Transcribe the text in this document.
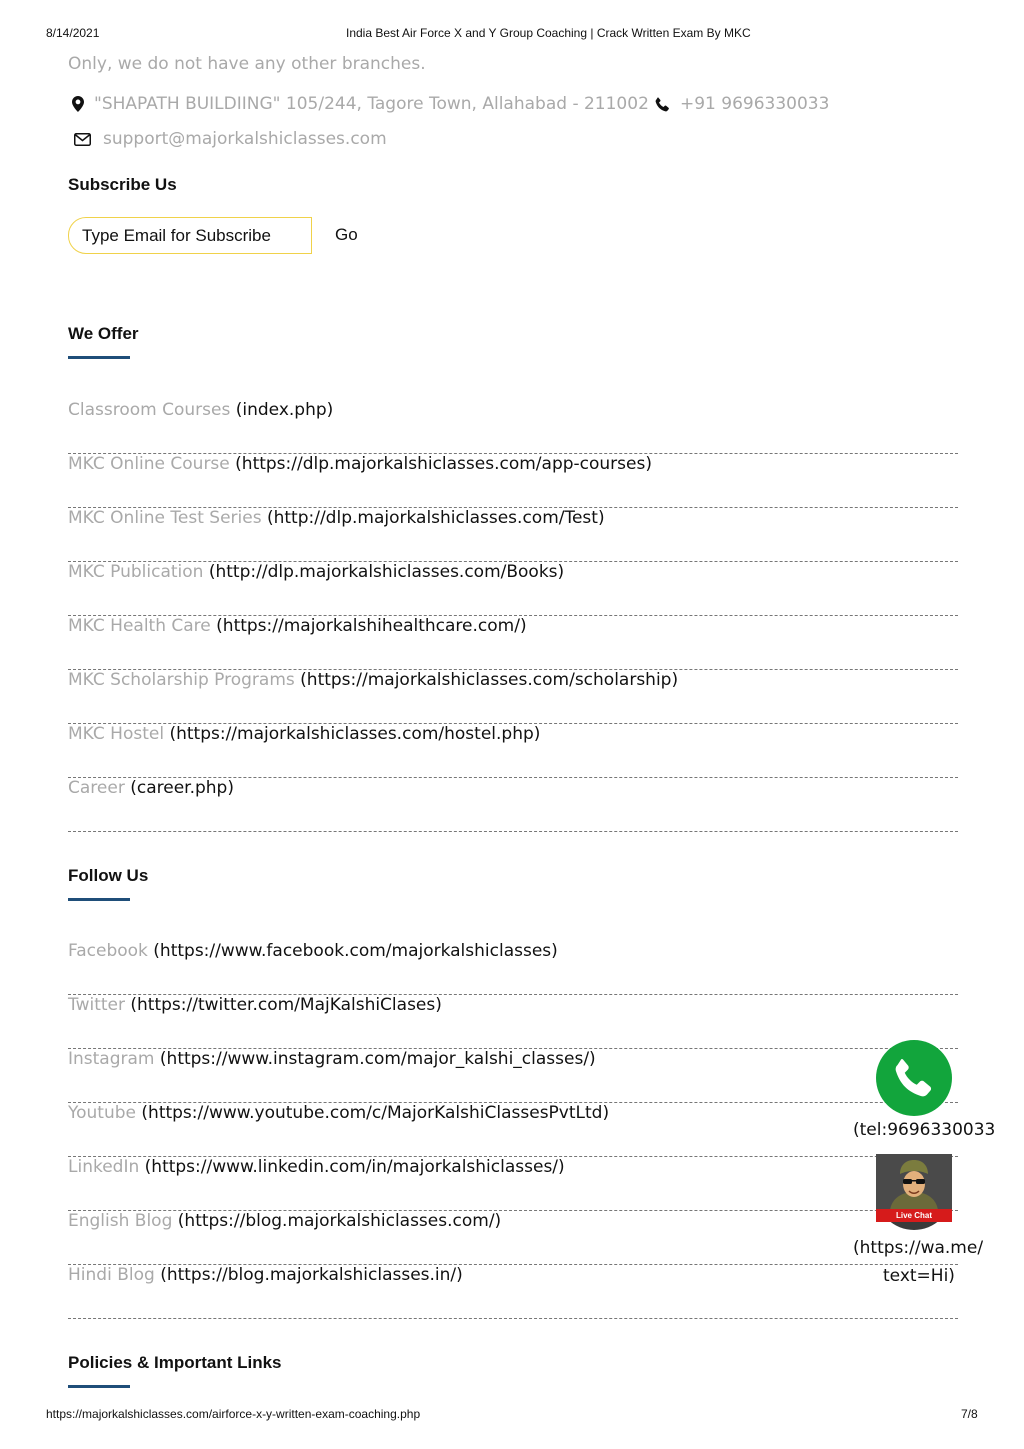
8/14/2021	India Best Air Force X and Y Group Coaching | Crack Written Exam By MKC
Only, we do not have any other branches.
"SHAPATH BUILDIING" 105/244, Tagore Town, Allahabad - 211002 +91 9696330033
support@majorkalshiclasses.com
Subscribe Us
Type Email for Subscribe
Go
We Offer
Classroom Courses (index.php)
MKC Online Course (https://dlp.majorkalshiclasses.com/app-courses)
MKC Online Test Series (http://dlp.majorkalshiclasses.com/Test)
MKC Publication (http://dlp.majorkalshiclasses.com/Books)
MKC Health Care (https://majorkalshihealthcare.com/)
MKC Scholarship Programs (https://majorkalshiclasses.com/scholarship)
MKC Hostel (https://majorkalshiclasses.com/hostel.php)
Career (career.php)
Follow Us
Facebook (https://www.facebook.com/majorkalshiclasses)
Twitter (https://twitter.com/MajKalshiClases)
Instagram (https://www.instagram.com/major_kalshi_classes/)
Youtube (https://www.youtube.com/c/MajorKalshiClassesPvtLtd)
LinkedIn (https://www.linkedin.com/in/majorkalshiclasses/)
English Blog (https://blog.majorkalshiclasses.com/)
Hindi Blog (https://blog.majorkalshiclasses.in/)
Policies & Important Links
(tel:9696330033
Live Chat
(https://wa.me/
text=Hi)
https://majorkalshiclasses.com/airforce-x-y-written-exam-coaching.php	7/8
